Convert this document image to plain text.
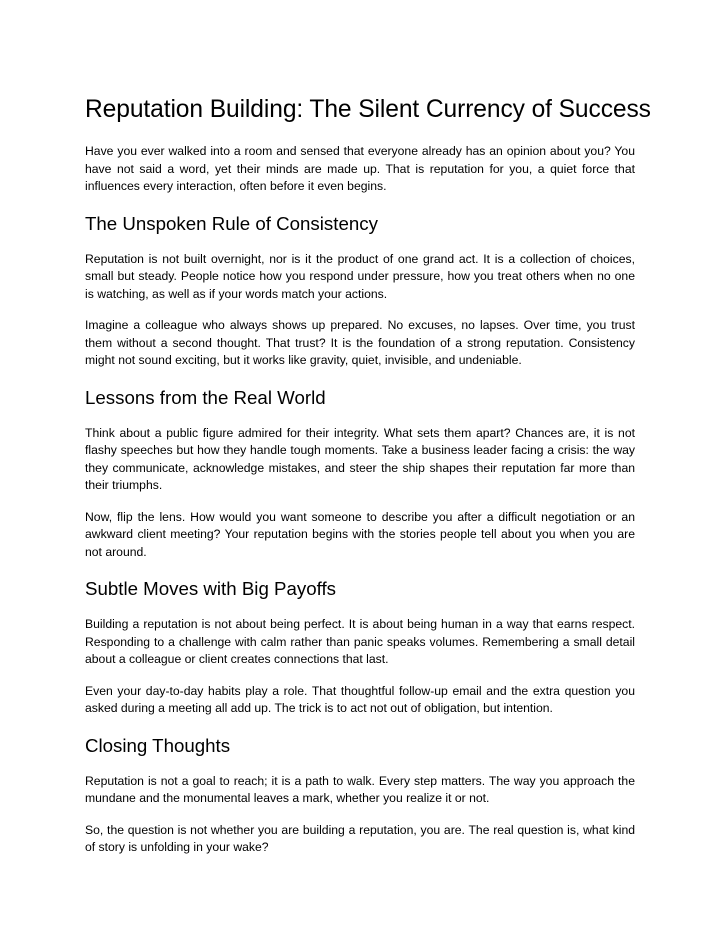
Reputation Building: The Silent Currency of Success

Have you ever walked into a room and sensed that everyone already has an opinion about you? You have not said a word, yet their minds are made up. That is reputation for you, a quiet force that influences every interaction, often before it even begins.

The Unspoken Rule of Consistency

Reputation is not built overnight, nor is it the product of one grand act. It is a collection of choices, small but steady. People notice how you respond under pressure, how you treat others when no one is watching, as well as if your words match your actions.

Imagine a colleague who always shows up prepared. No excuses, no lapses. Over time, you trust them without a second thought. That trust? It is the foundation of a strong reputation. Consistency might not sound exciting, but it works like gravity, quiet, invisible, and undeniable.

Lessons from the Real World

Think about a public figure admired for their integrity. What sets them apart? Chances are, it is not flashy speeches but how they handle tough moments. Take a business leader facing a crisis: the way they communicate, acknowledge mistakes, and steer the ship shapes their reputation far more than their triumphs.

Now, flip the lens. How would you want someone to describe you after a difficult negotiation or an awkward client meeting? Your reputation begins with the stories people tell about you when you are not around.

Subtle Moves with Big Payoffs

Building a reputation is not about being perfect. It is about being human in a way that earns respect. Responding to a challenge with calm rather than panic speaks volumes. Remembering a small detail about a colleague or client creates connections that last.

Even your day-to-day habits play a role. That thoughtful follow-up email and the extra question you asked during a meeting all add up. The trick is to act not out of obligation, but intention.

Closing Thoughts

Reputation is not a goal to reach; it is a path to walk. Every step matters. The way you approach the mundane and the monumental leaves a mark, whether you realize it or not.

So, the question is not whether you are building a reputation, you are. The real question is, what kind of story is unfolding in your wake?
